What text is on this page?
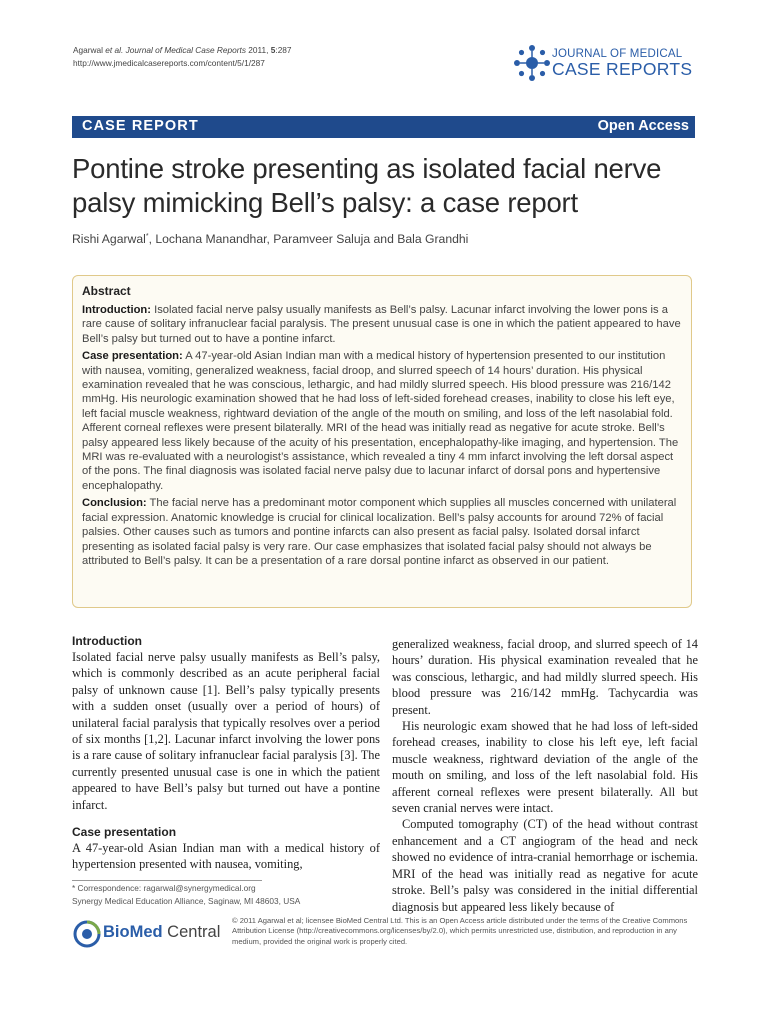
Agarwal et al. Journal of Medical Case Reports 2011, 5:287
http://www.jmedicalcasereports.com/content/5/1/287
JOURNAL OF MEDICAL
CASE REPORTS
CASE REPORT	Open Access
Pontine stroke presenting as isolated facial nerve palsy mimicking Bell’s palsy: a case report
Rishi Agarwal*, Lochana Manandhar, Paramveer Saluja and Bala Grandhi
Abstract

Introduction: Isolated facial nerve palsy usually manifests as Bell’s palsy. Lacunar infarct involving the lower pons is a rare cause of solitary infranuclear facial paralysis. The present unusual case is one in which the patient appeared to have Bell’s palsy but turned out to have a pontine infarct.

Case presentation: A 47-year-old Asian Indian man with a medical history of hypertension presented to our institution with nausea, vomiting, generalized weakness, facial droop, and slurred speech of 14 hours’ duration. His physical examination revealed that he was conscious, lethargic, and had mildly slurred speech. His blood pressure was 216/142 mmHg. His neurologic examination showed that he had loss of left-sided forehead creases, inability to close his left eye, left facial muscle weakness, rightward deviation of the angle of the mouth on smiling, and loss of the left nasolabial fold. Afferent corneal reflexes were present bilaterally. MRI of the head was initially read as negative for acute stroke. Bell’s palsy appeared less likely because of the acuity of his presentation, encephalopathy-like imaging, and hypertension. The MRI was re-evaluated with a neurologist’s assistance, which revealed a tiny 4 mm infarct involving the left dorsal aspect of the pons. The final diagnosis was isolated facial nerve palsy due to lacunar infarct of dorsal pons and hypertensive encephalopathy.

Conclusion: The facial nerve has a predominant motor component which supplies all muscles concerned with unilateral facial expression. Anatomic knowledge is crucial for clinical localization. Bell’s palsy accounts for around 72% of facial palsies. Other causes such as tumors and pontine infarcts can also present as facial palsy. Isolated dorsal infarct presenting as isolated facial palsy is very rare. Our case emphasizes that isolated facial palsy should not always be attributed to Bell’s palsy. It can be a presentation of a rare dorsal pontine infarct as observed in our patient.

Introduction

Isolated facial nerve palsy usually manifests as Bell’s palsy, which is commonly described as an acute peripheral facial palsy of unknown cause [1]. Bell’s palsy typically presents with a sudden onset (usually over a period of hours) of unilateral facial paralysis that typically resolves over a period of six months [1,2]. Lacunar infarct involving the lower pons is a rare cause of solitary infranuclear facial paralysis [3]. The currently presented unusual case is one in which the patient appeared to have Bell’s palsy but turned out have a pontine infarct.

Case presentation

A 47-year-old Asian Indian man with a medical history of hypertension presented with nausea, vomiting,

generalized weakness, facial droop, and slurred speech of 14 hours’ duration. His physical examination revealed that he was conscious, lethargic, and had mildly slurred speech. His blood pressure was 216/142 mmHg. Tachycardia was present.

His neurologic exam showed that he had loss of left-sided forehead creases, inability to close his left eye, left facial muscle weakness, rightward deviation of the angle of the mouth on smiling, and loss of the left nasolabial fold. His afferent corneal reflexes were present bilaterally. All but seven cranial nerves were intact.

Computed tomography (CT) of the head without contrast enhancement and a CT angiogram of the head and neck showed no evidence of intra-cranial hemorrhage or ischemia. MRI of the head was initially read as negative for acute stroke. Bell’s palsy was considered in the initial differential diagnosis but appeared less likely because of

* Correspondence: ragarwal@synergymedical.org
Synergy Medical Education Alliance, Saginaw, MI 48603, USA
BioMed Central
© 2011 Agarwal et al; licensee BioMed Central Ltd. This is an Open Access article distributed under the terms of the Creative Commons Attribution License (http://creativecommons.org/licenses/by/2.0), which permits unrestricted use, distribution, and reproduction in any medium, provided the original work is properly cited.
